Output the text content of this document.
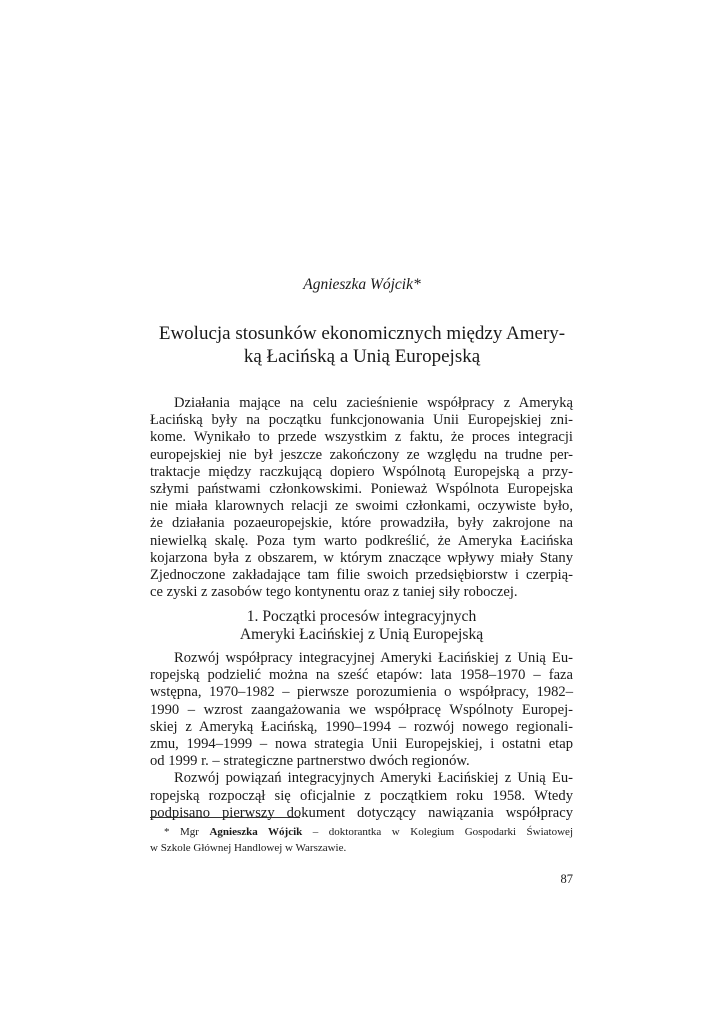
Agnieszka Wójcik*
Ewolucja stosunków ekonomicznych między Amery-
ką Łacińską a Unią Europejską
Działania mające na celu zacieśnienie współpracy z Ameryką
Łacińską były na początku funkcjonowania Unii Europejskiej zni-
kome. Wynikało to przede wszystkim z faktu, że proces integracji
europejskiej nie był jeszcze zakończony ze względu na trudne per-
traktacje między raczkującą dopiero Wspólnotą Europejską a przy-
szłymi państwami członkowskimi. Ponieważ Wspólnota Europejska
nie miała klarownych relacji ze swoimi członkami, oczywiste było,
że działania pozaeuropejskie, które prowadziła, były zakrojone na
niewielką skalę. Poza tym warto podkreślić, że Ameryka Łacińska
kojarzona była z obszarem, w którym znaczące wpływy miały Stany
Zjednoczone zakładające tam filie swoich przedsiębiorstw i czerpią-
ce zyski z zasobów tego kontynentu oraz z taniej siły roboczej.
1. Początki procesów integracyjnych
Ameryki Łacińskiej z Unią Europejską
Rozwój współpracy integracyjnej Ameryki Łacińskiej z Unią Eu-
ropejską podzielić można na sześć etapów: lata 1958–1970 – faza
wstępna, 1970–1982 – pierwsze porozumienia o współpracy, 1982–
1990 – wzrost zaangażowania we współpracę Wspólnoty Europej-
skiej z Ameryką Łacińską, 1990–1994 – rozwój nowego regionali-
zmu, 1994–1999 – nowa strategia Unii Europejskiej, i ostatni etap
od 1999 r. – strategiczne partnerstwo dwóch regionów.
Rozwój powiązań integracyjnych Ameryki Łacińskiej z Unią Eu-
ropejską rozpoczął się oficjalnie z początkiem roku 1958. Wtedy
podpisano pierwszy dokument dotyczący nawiązania współpracy
* Mgr Agnieszka Wójcik – doktorantka w Kolegium Gospodarki Światowej
w Szkole Głównej Handlowej w Warszawie.
87
